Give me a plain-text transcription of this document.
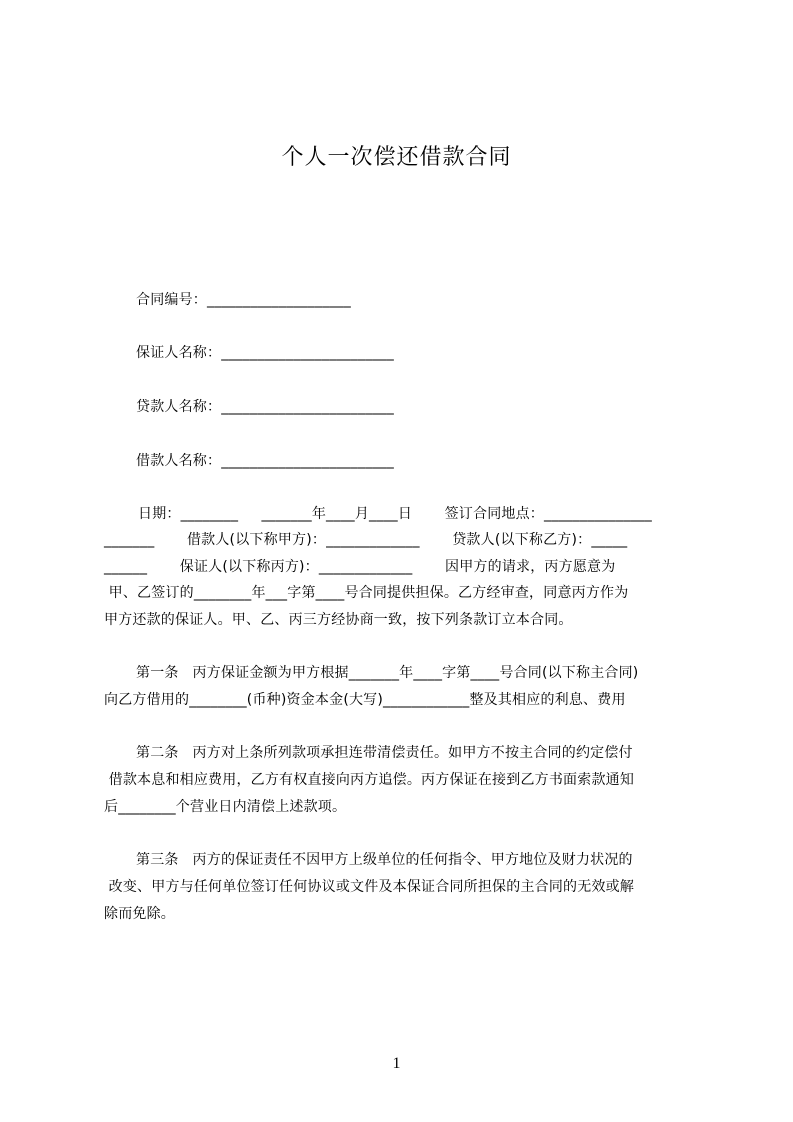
个人一次偿还借款合同
合同编号：____________________
保证人名称：________________________
贷款人名称：________________________
借款人名称：________________________
日期：________     _______年____月____日       签订合同地点：_______________
_______       借款人(以下称甲方)：_____________       贷款人(以下称乙方)：_____
______       保证人(以下称丙方)：_____________       因甲方的请求，丙方愿意为
甲、乙签订的________年___字第____号合同提供担保。乙方经审查，同意丙方作为
甲方还款的保证人。甲、乙、丙三方经协商一致，按下列条款订立本合同。
第一条   丙方保证金额为甲方根据_______年____字第____号合同(以下称主合同)
向乙方借用的________(币种)资金本金(大写)____________整及其相应的利息、费用
第二条   丙方对上条所列款项承担连带清偿责任。如甲方不按主合同的约定偿付
借款本息和相应费用，乙方有权直接向丙方追偿。丙方保证在接到乙方书面索款通知
后________个营业日内清偿上述款项。
第三条   丙方的保证责任不因甲方上级单位的任何指令、甲方地位及财力状况的
改变、甲方与任何单位签订任何协议或文件及本保证合同所担保的主合同的无效或解
除而免除。
1
